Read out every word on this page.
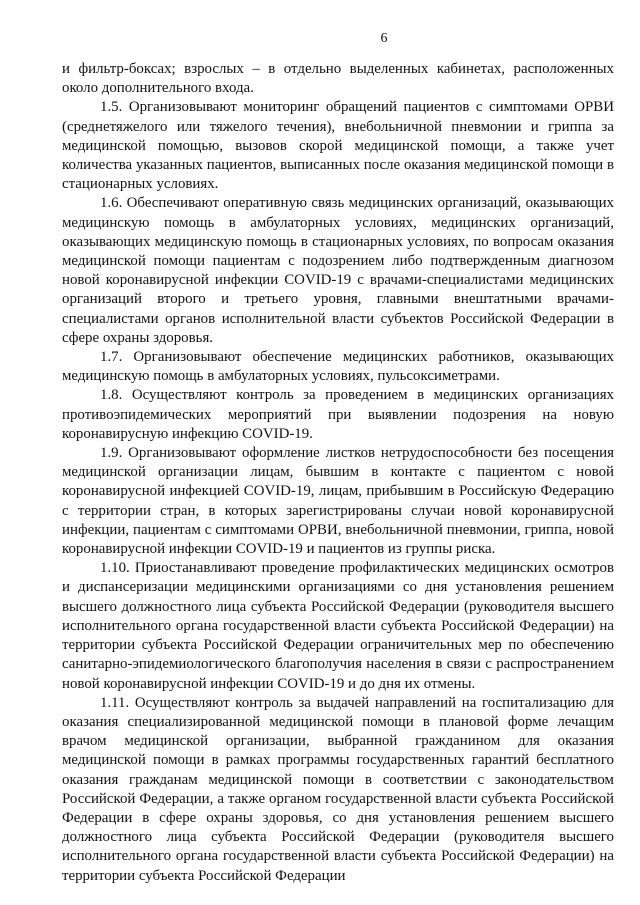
6

и фильтр-боксах; взрослых – в отдельно выделенных кабинетах, расположенных около дополнительного входа.

1.5. Организовывают мониторинг обращений пациентов с симптомами ОРВИ (среднетяжелого или тяжелого течения), внебольничной пневмонии и гриппа за медицинской помощью, вызовов скорой медицинской помощи, а также учет количества указанных пациентов, выписанных после оказания медицинской помощи в стационарных условиях.

1.6. Обеспечивают оперативную связь медицинских организаций, оказывающих медицинскую помощь в амбулаторных условиях, медицинских организаций, оказывающих медицинскую помощь в стационарных условиях, по вопросам оказания медицинской помощи пациентам с подозрением либо подтвержденным диагнозом новой коронавирусной инфекции COVID-19 с врачами-специалистами медицинских организаций второго и третьего уровня, главными внештатными врачами-специалистами органов исполнительной власти субъектов Российской Федерации в сфере охраны здоровья.

1.7. Организовывают обеспечение медицинских работников, оказывающих медицинскую помощь в амбулаторных условиях, пульсоксиметрами.

1.8. Осуществляют контроль за проведением в медицинских организациях противоэпидемических мероприятий при выявлении подозрения на новую коронавирусную инфекцию COVID-19.

1.9. Организовывают оформление листков нетрудоспособности без посещения медицинской организации лицам, бывшим в контакте с пациентом с новой коронавирусной инфекцией COVID-19, лицам, прибывшим в Российскую Федерацию с территории стран, в которых зарегистрированы случаи новой коронавирусной инфекции, пациентам с симптомами ОРВИ, внебольничной пневмонии, гриппа, новой коронавирусной инфекции COVID-19 и пациентов из группы риска.

1.10. Приостанавливают проведение профилактических медицинских осмотров и диспансеризации медицинскими организациями со дня установления решением высшего должностного лица субъекта Российской Федерации (руководителя высшего исполнительного органа государственной власти субъекта Российской Федерации) на территории субъекта Российской Федерации ограничительных мер по обеспечению санитарно-эпидемиологического благополучия населения в связи с распространением новой коронавирусной инфекции COVID-19 и до дня их отмены.

1.11. Осуществляют контроль за выдачей направлений на госпитализацию для оказания специализированной медицинской помощи в плановой форме лечащим врачом медицинской организации, выбранной гражданином для оказания медицинской помощи в рамках программы государственных гарантий бесплатного оказания гражданам медицинской помощи в соответствии с законодательством Российской Федерации, а также органом государственной власти субъекта Российской Федерации в сфере охраны здоровья, со дня установления решением высшего должностного лица субъекта Российской Федерации (руководителя высшего исполнительного органа государственной власти субъекта Российской Федерации) на территории субъекта Российской Федерации
